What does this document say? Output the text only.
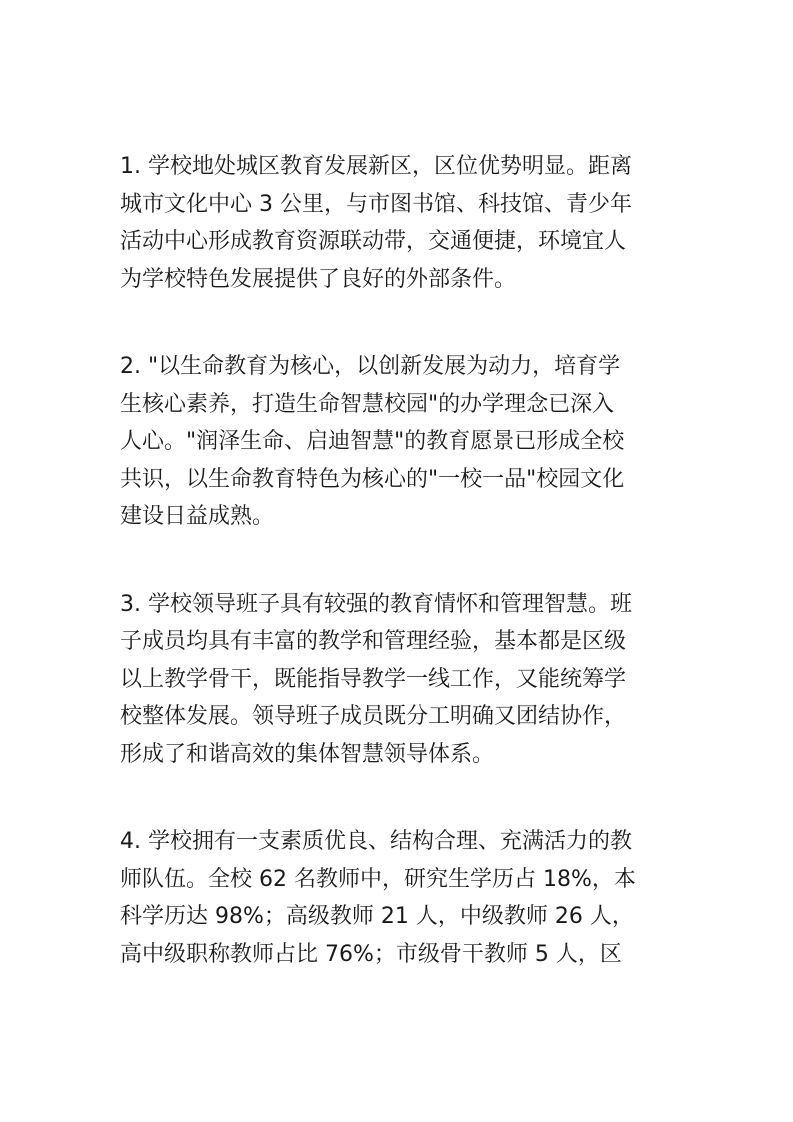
1. 学校地处城区教育发展新区，区位优势明显。距离
城市文化中心 3 公里，与市图书馆、科技馆、青少年
活动中心形成教育资源联动带，交通便捷，环境宜人
为学校特色发展提供了良好的外部条件。

2. "以生命教育为核心，以创新发展为动力，培育学
生核心素养，打造生命智慧校园"的办学理念已深入
人心。"润泽生命、启迪智慧"的教育愿景已形成全校
共识，以生命教育特色为核心的"一校一品"校园文化
建设日益成熟。

3. 学校领导班子具有较强的教育情怀和管理智慧。班
子成员均具有丰富的教学和管理经验，基本都是区级
以上教学骨干，既能指导教学一线工作，又能统筹学
校整体发展。领导班子成员既分工明确又团结协作，
形成了和谐高效的集体智慧领导体系。

4. 学校拥有一支素质优良、结构合理、充满活力的教
师队伍。全校 62 名教师中，研究生学历占 18%，本
科学历达 98%；高级教师 21 人，中级教师 26 人，
高中级职称教师占比 76%；市级骨干教师 5 人，区
